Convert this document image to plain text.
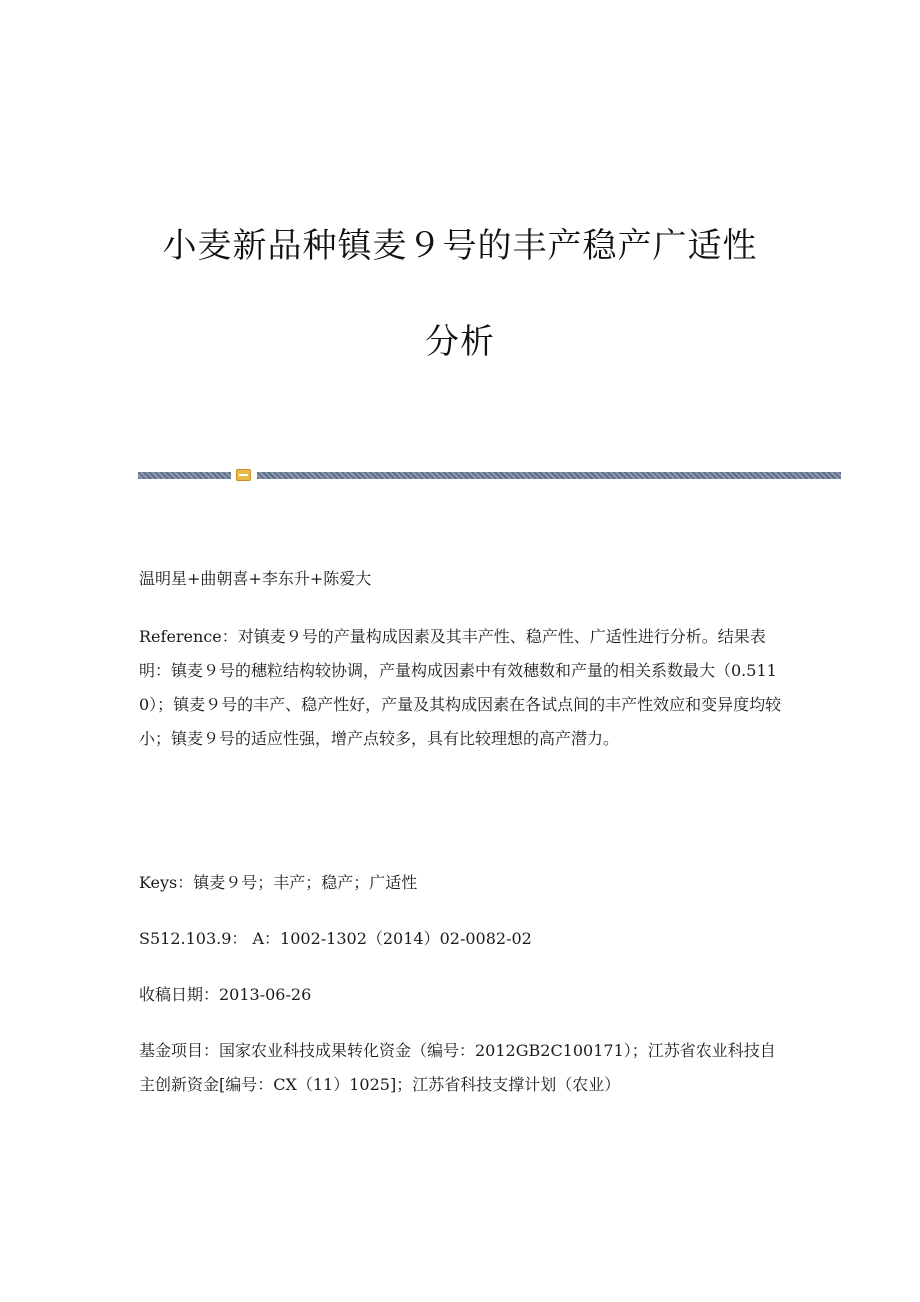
小麦新品种镇麦９号的丰产稳产广适性
分析

温明星+曲朝喜+李东升+陈爱大

Reference：对镇麦９号的产量构成因素及其丰产性、稳产性、广适性进行分析。结果表明：镇麦９号的穗粒结构较协调，产量构成因素中有效穗数和产量的相关系数最大（0.511 0）；镇麦９号的丰产、稳产性好，产量及其构成因素在各试点间的丰产性效应和变异度均较小；镇麦９号的适应性强，增产点较多，具有比较理想的高产潜力。

Keys：镇麦９号；丰产；稳产；广适性

S512.103.9： A：1002-1302（2014）02-0082-02

收稿日期：2013-06-26

基金项目：国家农业科技成果转化资金（编号：2012GB2C100171）；江苏省农业科技自主创新资金[编号：CX（11）1025]；江苏省科技支撑计划（农业）
